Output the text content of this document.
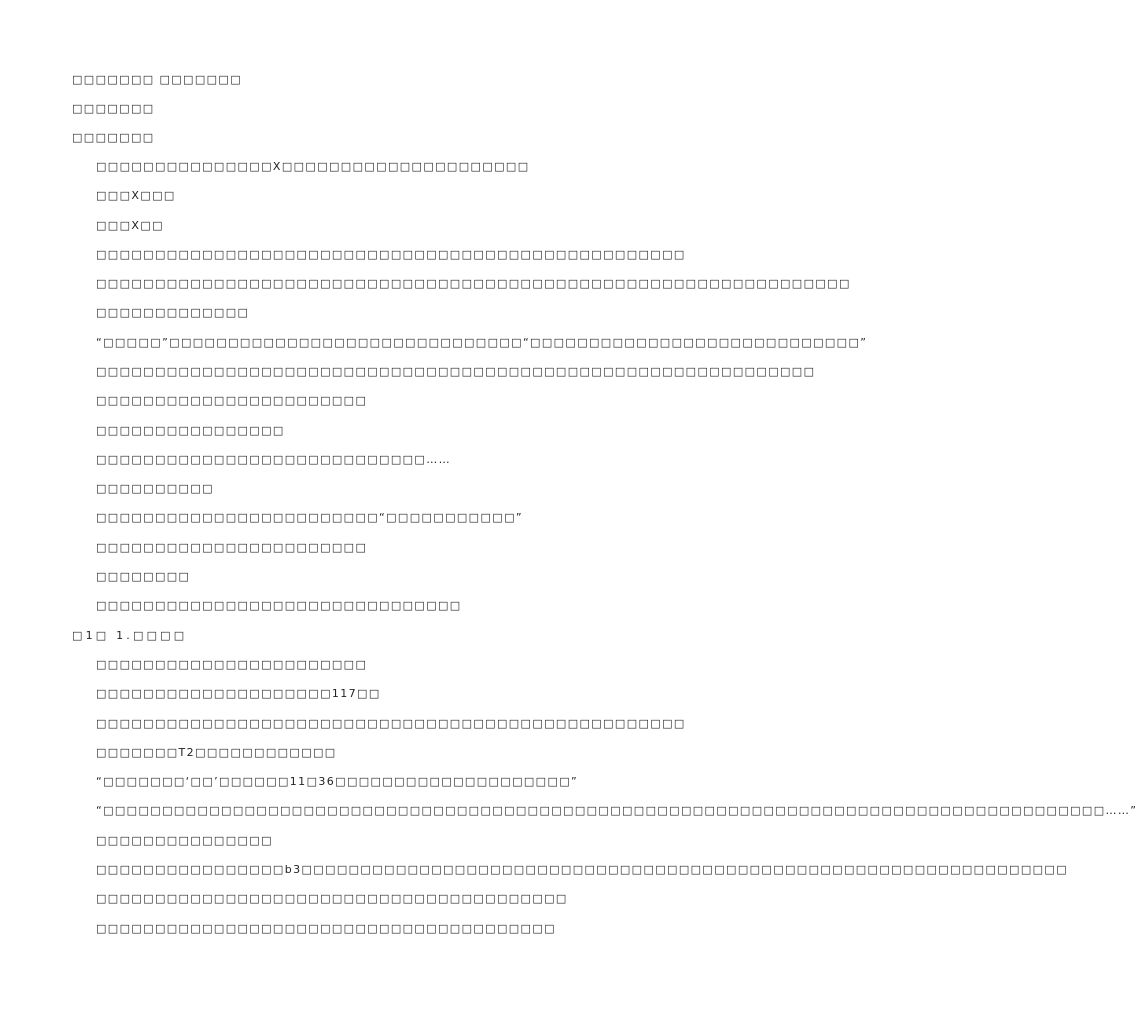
□□□□□□□ □□□□□□□
□□□□□□□
□□□□□□□
□□□□□□□□□□□□□□□X□□□□□□□□□□□□□□□□□□□□□
□□□X□□□
□□□X□□
□□□□□□□□□□□□□□□□□□□□□□□□□□□□□□□□□□□□□□□□□□□□□□□□□□
□□□□□□□□□□□□□□□□□□□□□□□□□□□□□□□□□□□□□□□□□□□□□□□□□□□□□□□□□□□□□□□□
□□□□□□□□□□□□□
“□□□□□”□□□□□□□□□□□□□□□□□□□□□□□□□□□□□□“□□□□□□□□□□□□□□□□□□□□□□□□□□□□”
□□□□□□□□□□□□□□□□□□□□□□□□□□□□□□□□□□□□□□□□□□□□□□□□□□□□□□□□□□□□□
□□□□□□□□□□□□□□□□□□□□□□□
□□□□□□□□□□□□□□□□
□□□□□□□□□□□□□□□□□□□□□□□□□□□□……
□□□□□□□□□□
□□□□□□□□□□□□□□□□□□□□□□□□“□□□□□□□□□□□”
□□□□□□□□□□□□□□□□□□□□□□□
□□□□□□□□
□□□□□□□□□□□□□□□□□□□□□□□□□□□□□□□
□1□ 1.□□□□
□□□□□□□□□□□□□□□□□□□□□□□
□□□□□□□□□□□□□□□□□□□□117□□
□□□□□□□□□□□□□□□□□□□□□□□□□□□□□□□□□□□□□□□□□□□□□□□□□□
□□□□□□□T2□□□□□□□□□□□□
“□□□□□□□‘□□’□□□□□□11□36□□□□□□□□□□□□□□□□□□□□”
“□□□□□□□□□□□□□□□□□□□□□□□□□□□□□□□□□□□□□□□□□□□□□□□□□□□□□□□□□□□□□□□□□□□□□□□□□□□□□□□□□□□□□……”
□□□□□□□□□□□□□□□
□□□□□□□□□□□□□□□□b3□□□□□□□□□□□□□□□□□□□□□□□□□□□□□□□□□□□□□□□□□□□□□□□□□□□□□□□□□□□□□□□□□
□□□□□□□□□□□□□□□□□□□□□□□□□□□□□□□□□□□□□□□□
□□□□□□□□□□□□□□□□□□□□□□□□□□□□□□□□□□□□□□□
